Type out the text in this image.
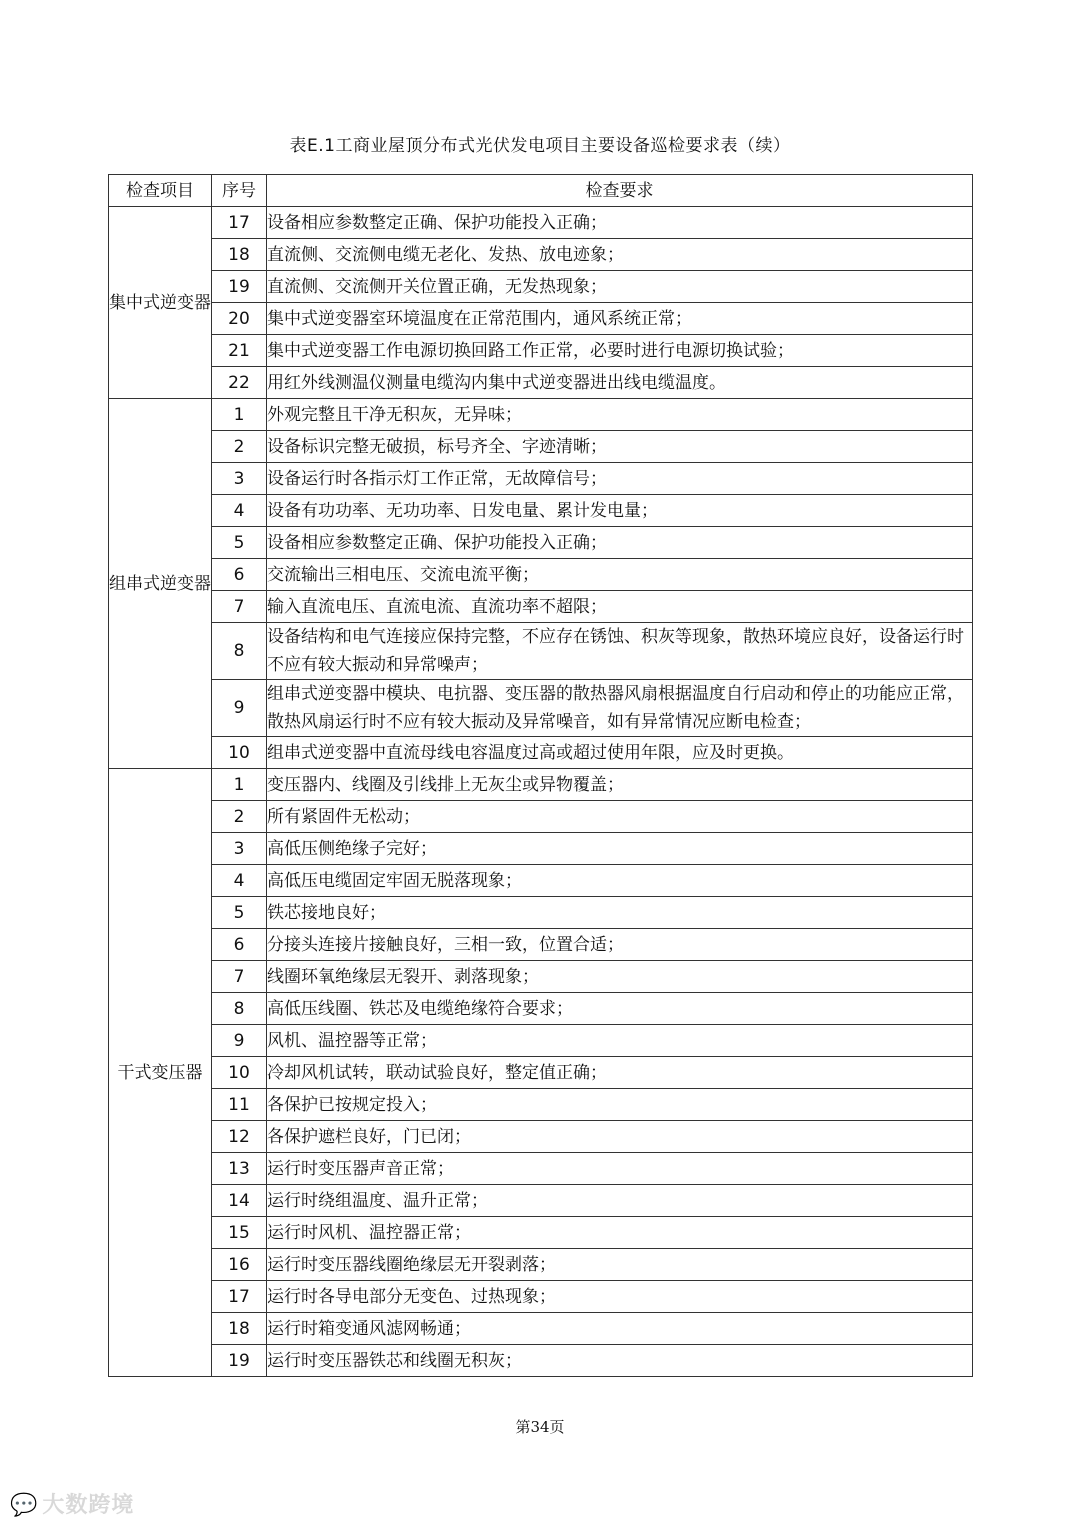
表E.1工商业屋顶分布式光伏发电项目主要设备巡检要求表（续）
检查项目	序号	检查要求
集中式逆变器	17	设备相应参数整定正确、保护功能投入正确；
	18	直流侧、交流侧电缆无老化、发热、放电迹象；
	19	直流侧、交流侧开关位置正确，无发热现象；
	20	集中式逆变器室环境温度在正常范围内，通风系统正常；
	21	集中式逆变器工作电源切换回路工作正常，必要时进行电源切换试验；
	22	用红外线测温仪测量电缆沟内集中式逆变器进出线电缆温度。
组串式逆变器	1	外观完整且干净无积灰，无异味；
	2	设备标识完整无破损，标号齐全、字迹清晰；
	3	设备运行时各指示灯工作正常，无故障信号；
	4	设备有功功率、无功功率、日发电量、累计发电量；
	5	设备相应参数整定正确、保护功能投入正确；
	6	交流输出三相电压、交流电流平衡；
	7	输入直流电压、直流电流、直流功率不超限；
	8	设备结构和电气连接应保持完整，不应存在锈蚀、积灰等现象，散热环境应良好，设备运行时不应有较大振动和异常噪声；
	9	组串式逆变器中模块、电抗器、变压器的散热器风扇根据温度自行启动和停止的功能应正常，散热风扇运行时不应有较大振动及异常噪音，如有异常情况应断电检查；
	10	组串式逆变器中直流母线电容温度过高或超过使用年限，应及时更换。
干式变压器	1	变压器内、线圈及引线排上无灰尘或异物覆盖；
	2	所有紧固件无松动；
	3	高低压侧绝缘子完好；
	4	高低压电缆固定牢固无脱落现象；
	5	铁芯接地良好；
	6	分接头连接片接触良好，三相一致，位置合适；
	7	线圈环氧绝缘层无裂开、剥落现象；
	8	高低压线圈、铁芯及电缆绝缘符合要求；
	9	风机、温控器等正常；
	10	冷却风机试转，联动试验良好，整定值正确；
	11	各保护已按规定投入；
	12	各保护遮栏良好，门已闭；
	13	运行时变压器声音正常；
	14	运行时绕组温度、温升正常；
	15	运行时风机、温控器正常；
	16	运行时变压器线圈绝缘层无开裂剥落；
	17	运行时各导电部分无变色、过热现象；
	18	运行时箱变通风滤网畅通；
	19	运行时变压器铁芯和线圈无积灰；
第34页
💬 大数跨境
